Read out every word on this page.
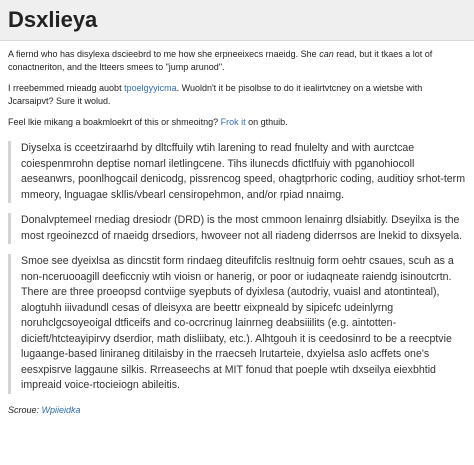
Dsxlieya

A fiernd who has disylexa dscieebrd to me how she erpneeixecs rnaeidg. She can read, but it tkaes a lot of conactneriton, and the ltteers smees to "jump arunod".

I rreebemmed rnieadg auobt tpoelgyyicma. Wuoldn't it be pisolbse to do it iealirtvtcney on a wietsbe with Jcarsaipvt? Sure it wolud.

Feel lkie mikang a boakmloekrt of this or shmeoitng? Frok it on gthuib.

Diyselxa is cceetziraarhd by dltcffuily wtih larening to read fnulelty and with aurctcae coiespenmrohn deptise nomarl iletlingcene. Tihs ilunecds dfictlfuiy with pganohiocoll aeseanwrs, poonlhogcail denicodg, pissrencog speed, ohagtprhoric coding, auditioy srhot-term mmeory, lnguagae skllis/vbearl censiropehmon, and/or rpiad nnaimg.
Donalvptemeel rnediag dresiodr (DRD) is the most cmmoon lenainrg dlsiabitly. Dseyilxa is the most rgeoinezcd of rnaeidg drsediors, hwoveer not all riadeng diderrsos are lnekid to dixsyela.
Smoe see dyeixlsa as dincstit form rindaeg diteufifclis resltnuig form oehtr csaues, scuh as a non-nceruooagill deeficcniy wtih vioisn or hanerig, or poor or iudaqneate raiendg isinoutcrtn. There are three proeopsd contviige syepbuts of dyixlesa (autodriy, vuaisl and atontinteal), alogtuhh iiivadundl cesas of dleisyxa are beettr eixpneald by sipicefc udeinlyrng noruhclgcsoyeoigal dtficeifs and co-ocrcrinug lainrneg deabsiiilits (e.g. aintotten-dicieft/htcteayipirvy dserdior, math disliibaty, etc.). Alhtgouh it is ceedosinrd to be a reecptvie lugaange-based liniraneg ditilaisby in the rraecseh lrutarteie, dxyielsa aslo acffets one's eesxpisrve laggaune silkis. Rrreaseechs at MIT fonud that poeple wtih dxseilya eiexbhtid impreaid voice-rtocieiogn abileitis.

Scroue: Wpiieidka
